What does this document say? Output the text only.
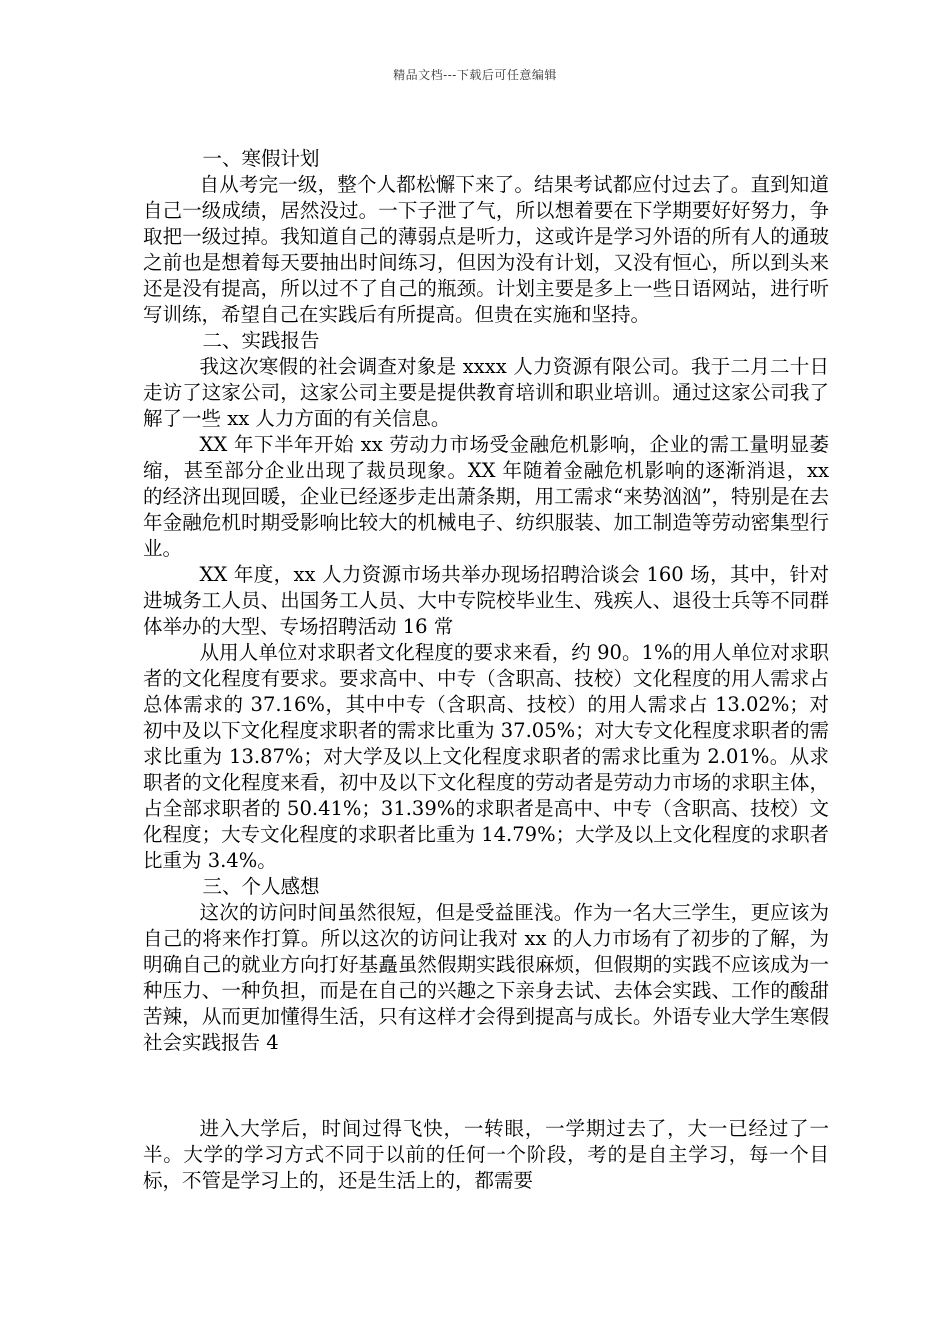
精品文档---下载后可任意编辑

一、寒假计划

自从考完一级，整个人都松懈下来了。结果考试都应付过去了。直到知道自己一级成绩，居然没过。一下子泄了气，所以想着要在下学期要好好努力，争取把一级过掉。我知道自己的薄弱点是听力，这或许是学习外语的所有人的通玻之前也是想着每天要抽出时间练习，但因为没有计划，又没有恒心，所以到头来还是没有提高，所以过不了自己的瓶颈。计划主要是多上一些日语网站，进行听写训练，希望自己在实践后有所提高。但贵在实施和坚持。

二、实践报告

我这次寒假的社会调查对象是 xxxx 人力资源有限公司。我于二月二十日走访了这家公司，这家公司主要是提供教育培训和职业培训。通过这家公司我了解了一些 xx 人力方面的有关信息。

XX 年下半年开始 xx 劳动力市场受金融危机影响，企业的需工量明显萎缩，甚至部分企业出现了裁员现象。XX 年随着金融危机影响的逐渐消退，xx 的经济出现回暖，企业已经逐步走出萧条期，用工需求“来势汹汹”，特别是在去年金融危机时期受影响比较大的机械电子、纺织服装、加工制造等劳动密集型行业。

XX 年度，xx 人力资源市场共举办现场招聘洽谈会 160 场，其中，针对进城务工人员、出国务工人员、大中专院校毕业生、残疾人、退役士兵等不同群体举办的大型、专场招聘活动 16 常

从用人单位对求职者文化程度的要求来看，约 90。1%的用人单位对求职者的文化程度有要求。要求高中、中专（含职高、技校）文化程度的用人需求占总体需求的 37.16%，其中中专（含职高、技校）的用人需求占 13.02%；对初中及以下文化程度求职者的需求比重为 37.05%；对大专文化程度求职者的需求比重为 13.87%；对大学及以上文化程度求职者的需求比重为 2.01%。从求职者的文化程度来看，初中及以下文化程度的劳动者是劳动力市场的求职主体，占全部求职者的 50.41%；31.39%的求职者是高中、中专（含职高、技校）文化程度；大专文化程度的求职者比重为 14.79%；大学及以上文化程度的求职者比重为 3.4%。

三、个人感想

这次的访问时间虽然很短，但是受益匪浅。作为一名大三学生，更应该为自己的将来作打算。所以这次的访问让我对 xx 的人力市场有了初步的了解，为明确自己的就业方向打好基矗虽然假期实践很麻烦，但假期的实践不应该成为一种压力、一种负担，而是在自己的兴趣之下亲身去试、去体会实践、工作的酸甜苦辣，从而更加懂得生活，只有这样才会得到提高与成长。外语专业大学生寒假社会实践报告 4

进入大学后，时间过得飞快，一转眼，一学期过去了，大一已经过了一半。大学的学习方式不同于以前的任何一个阶段，考的是自主学习，每一个目标，不管是学习上的，还是生活上的，都需要
